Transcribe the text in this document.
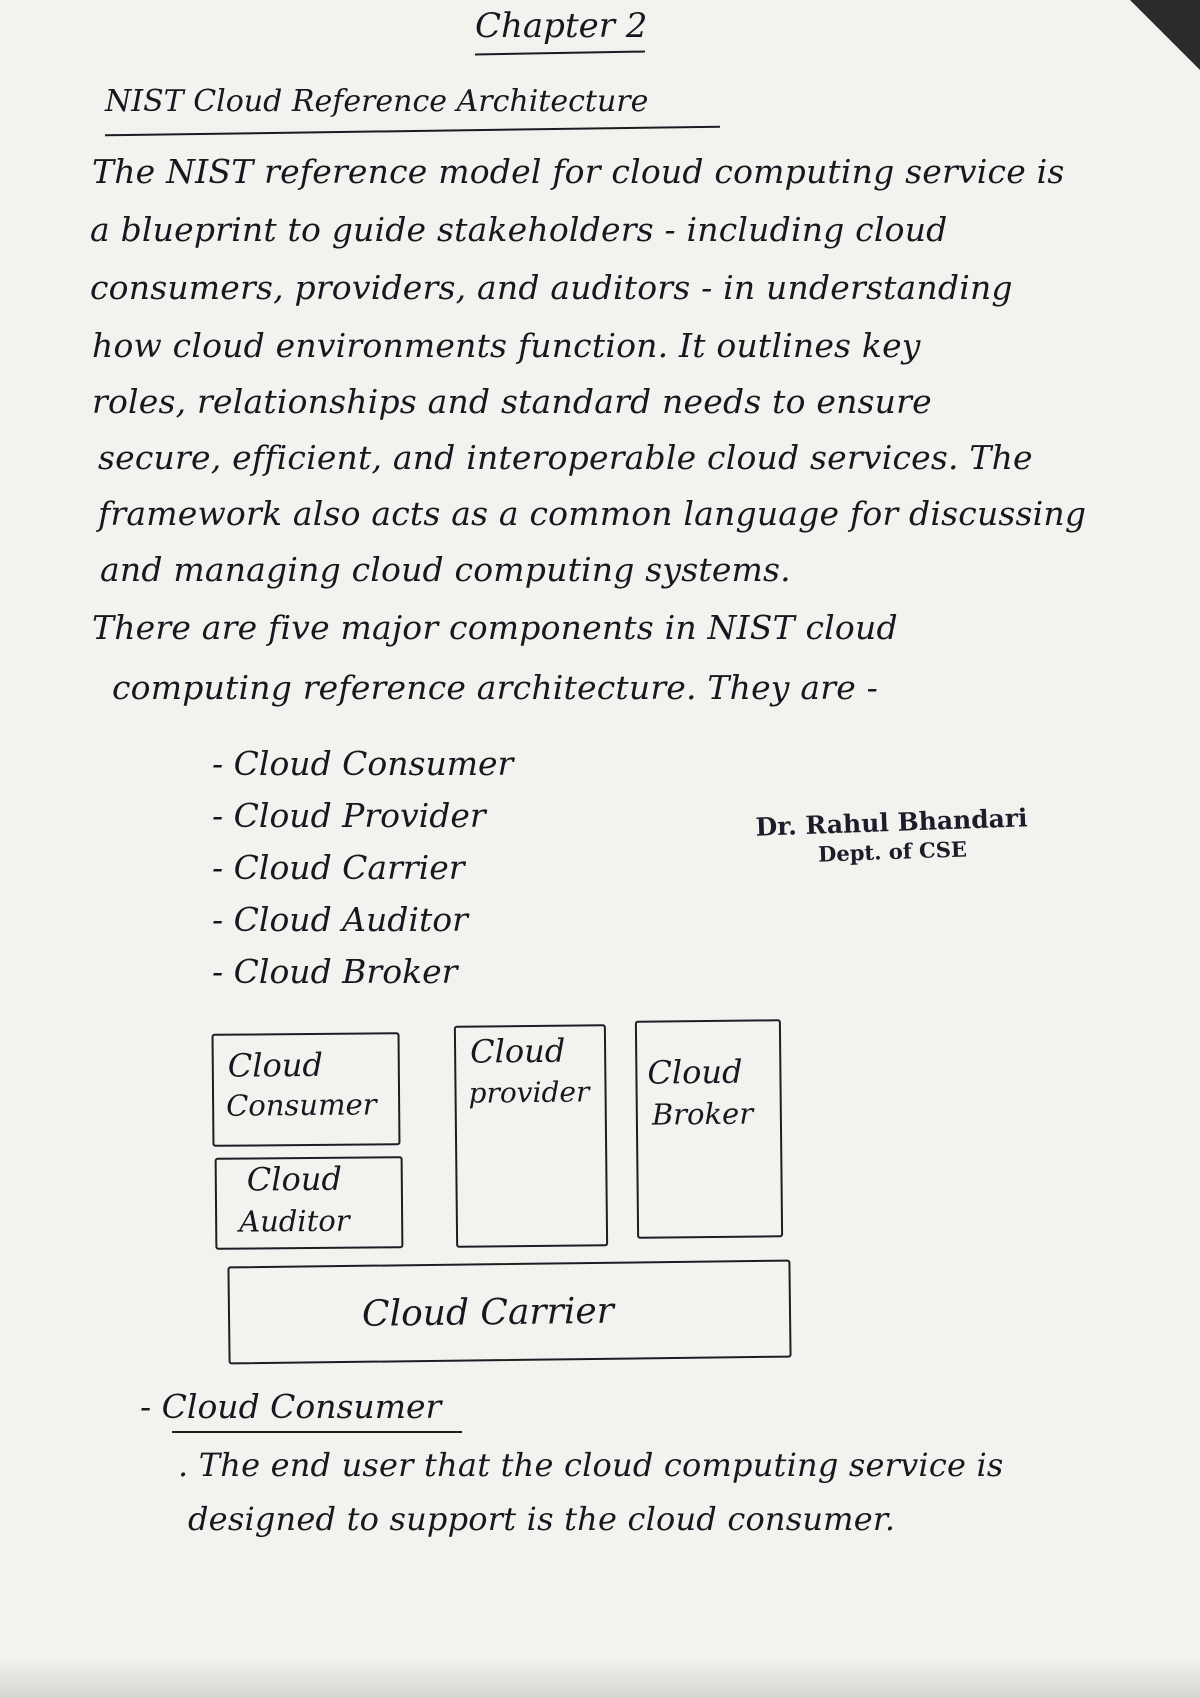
Chapter 2
NIST Cloud Reference Architecture
The NIST reference model for cloud computing service is
a blueprint to guide stakeholders - including cloud
consumers, providers, and auditors - in understanding
how cloud environments function. It outlines key
roles, relationships and standard needs to ensure
secure, efficient, and interoperable cloud services. The
framework also acts as a common language for discussing
and managing cloud computing systems.
There are five major components in NIST cloud
computing reference architecture. They are -
- Cloud Consumer
- Cloud Provider
- Cloud Carrier
- Cloud Auditor
- Cloud Broker
Dr. Rahul Bhandari
Dept. of CSE
Cloud
Consumer
Cloud
Auditor
Cloud
provider
Cloud
Broker
Cloud Carrier
- Cloud Consumer
. The end user that the cloud computing service is
designed to support is the cloud consumer.
